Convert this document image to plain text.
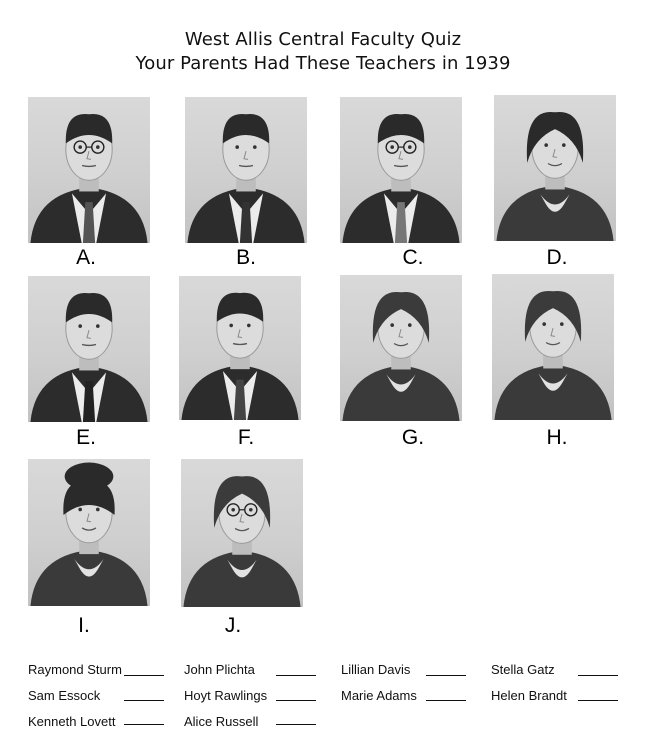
West Allis Central Faculty Quiz
Your Parents Had These Teachers in 1939
A.	B.	C.	D.
E.	F.	G.	H.
I.	J.
Raymond Sturm	John Plichta	Lillian Davis	Stella Gatz
Sam Essock	Hoyt Rawlings	Marie Adams	Helen Brandt
Kenneth Lovett	Alice Russell
